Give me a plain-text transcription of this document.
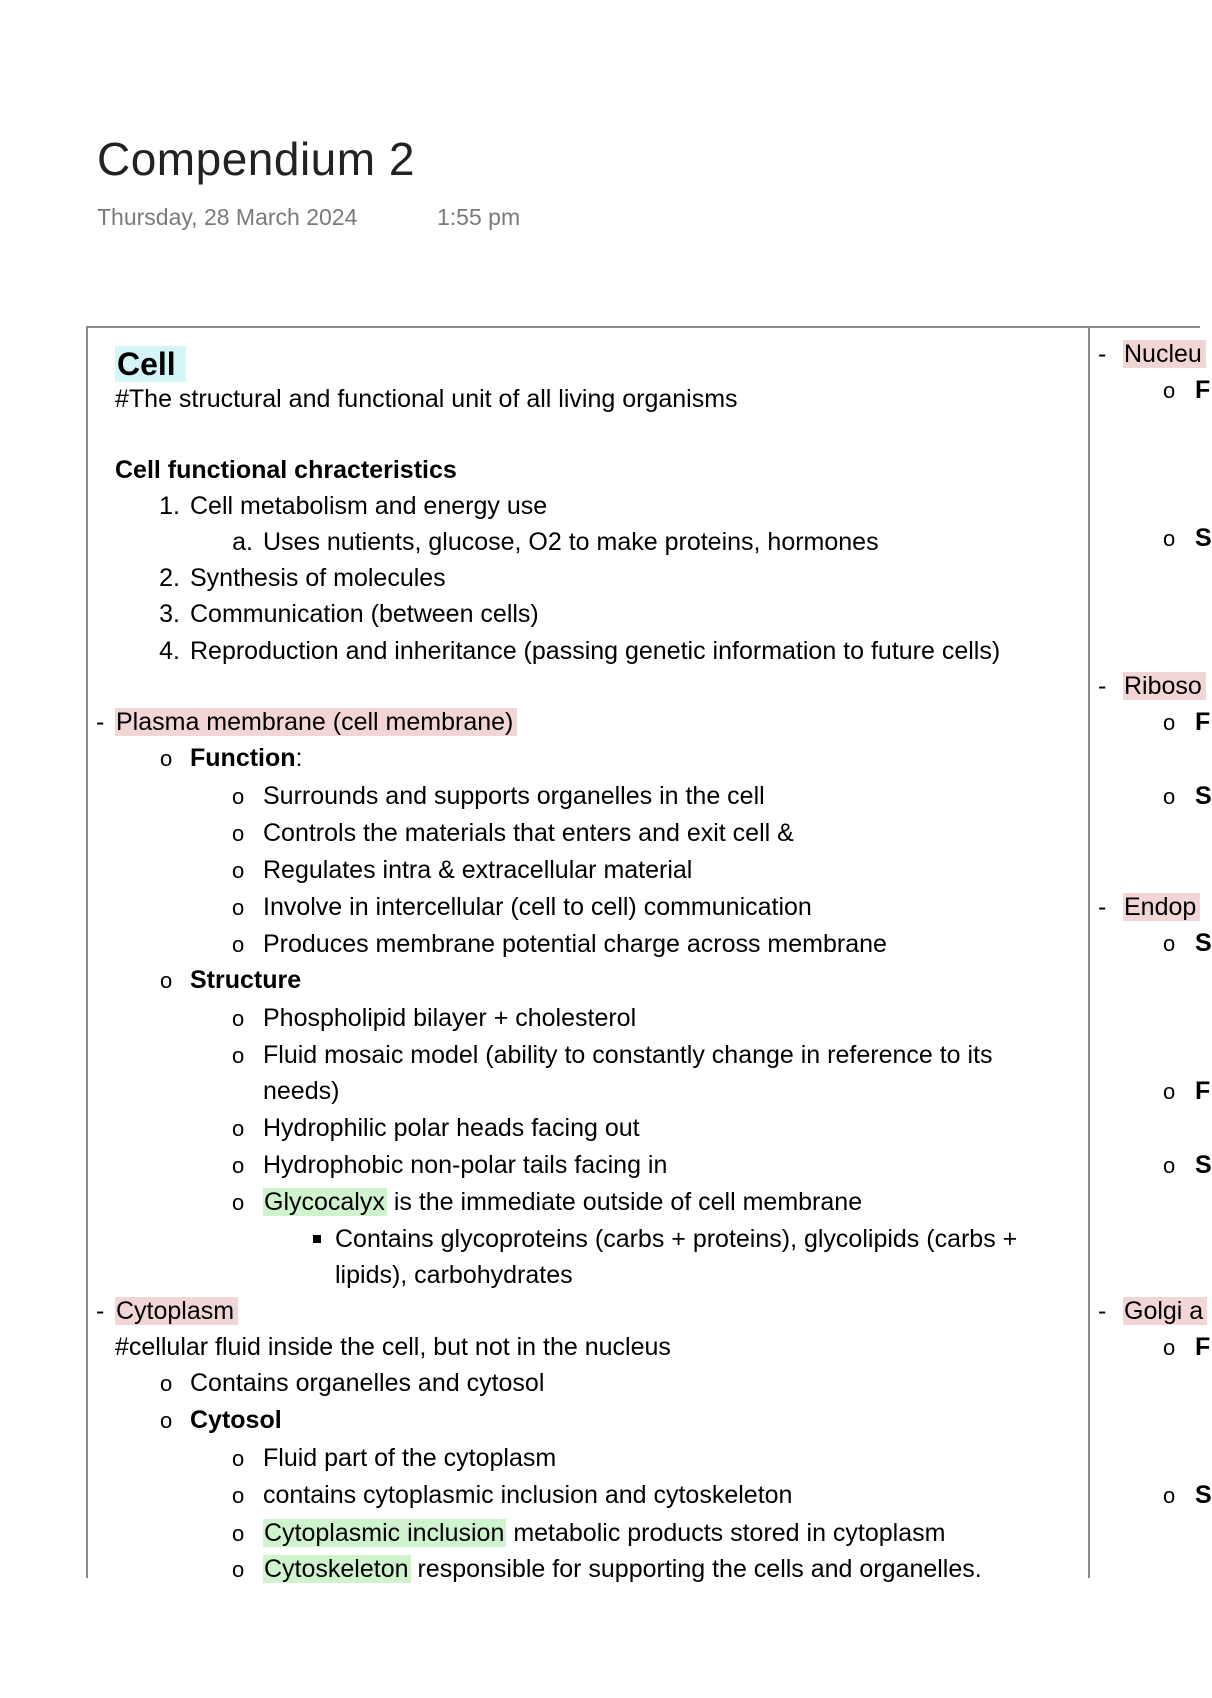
Compendium 2
Thursday, 28 March 2024	1:55 pm
Cell
#The structural and functional unit of all living organisms
Cell functional chracteristics
1. Cell metabolism and energy use
a. Uses nutients, glucose, O2 to make proteins, hormones
2. Synthesis of molecules
3. Communication (between cells)
4. Reproduction and inheritance (passing genetic information to future cells)
- Plasma membrane (cell membrane)
o Function:
o Surrounds and supports organelles in the cell
o Controls the materials that enters and exit cell &
o Regulates intra & extracellular material
o Involve in intercellular (cell to cell) communication
o Produces membrane potential charge across membrane
o Structure
o Phospholipid bilayer + cholesterol
o Fluid mosaic model (ability to constantly change in reference to its
needs)
o Hydrophilic polar heads facing out
o Hydrophobic non-polar tails facing in
o Glycocalyx is the immediate outside of cell membrane
Contains glycoproteins (carbs + proteins), glycolipids (carbs +
lipids), carbohydrates
- Cytoplasm
#cellular fluid inside the cell, but not in the nucleus
o Contains organelles and cytosol
o Cytosol
o Fluid part of the cytoplasm
o contains cytoplasmic inclusion and cytoskeleton
o Cytoplasmic inclusion metabolic products stored in cytoplasm
o Cytoskeleton responsible for supporting the cells and organelles.
- Nucleu
o F
o S
- Riboso
o F
o S
- Endop
o S
o F
o S
- Golgi a
o F
o S
